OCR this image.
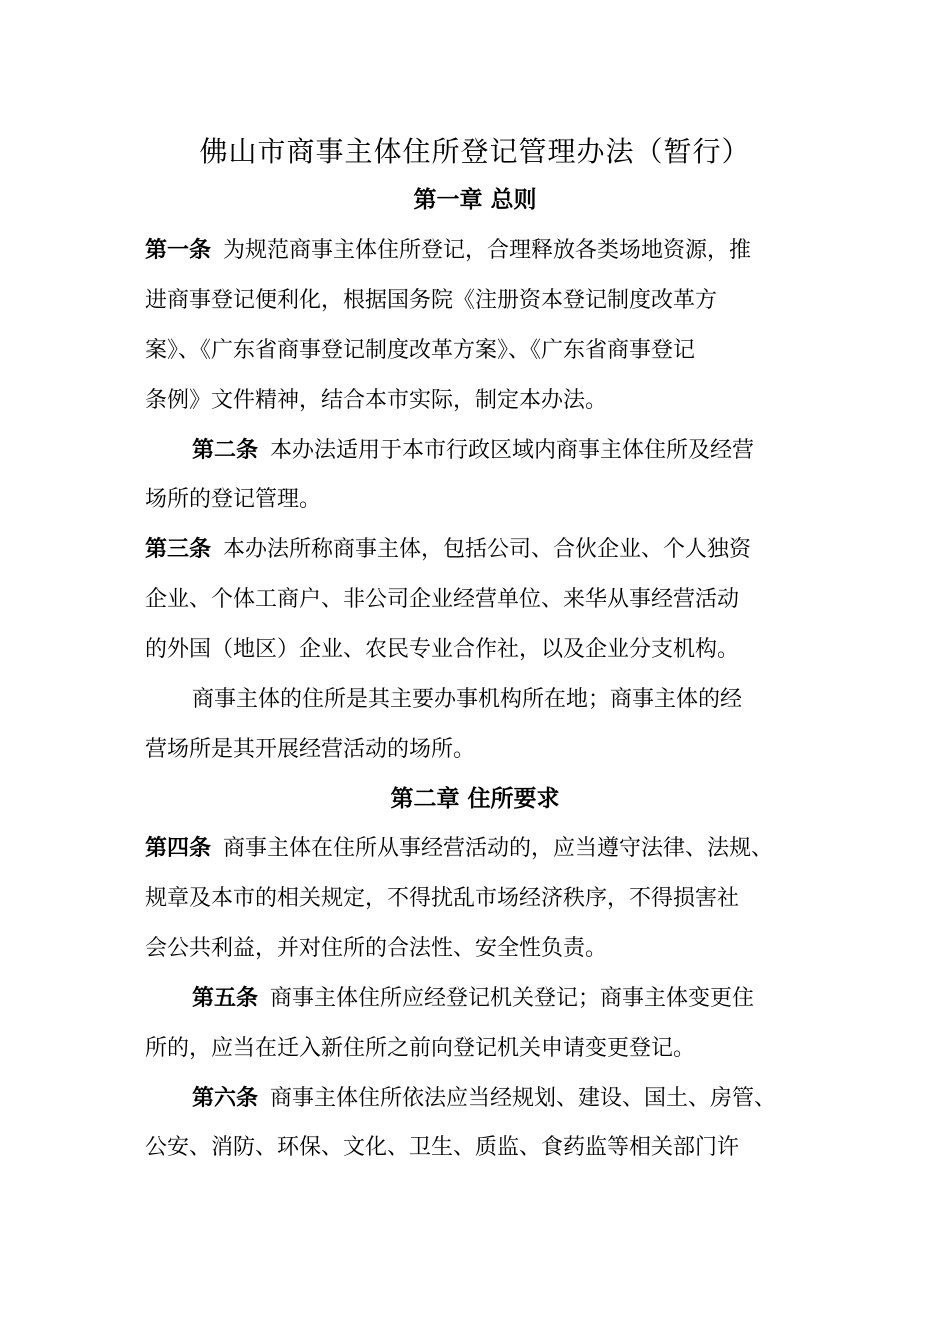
佛山市商事主体住所登记管理办法（暂行）
第一章 总则
第一条 为规范商事主体住所登记，合理释放各类场地资源，推
进商事登记便利化，根据国务院《注册资本登记制度改革方
案》、《广东省商事登记制度改革方案》、《广东省商事登记
条例》文件精神，结合本市实际，制定本办法。
第二条 本办法适用于本市行政区域内商事主体住所及经营
场所的登记管理。
第三条 本办法所称商事主体，包括公司、合伙企业、个人独资
企业、个体工商户、非公司企业经营单位、来华从事经营活动
的外国（地区）企业、农民专业合作社，以及企业分支机构。
商事主体的住所是其主要办事机构所在地；商事主体的经
营场所是其开展经营活动的场所。
第二章 住所要求
第四条 商事主体在住所从事经营活动的，应当遵守法律、法规、
规章及本市的相关规定，不得扰乱市场经济秩序，不得损害社
会公共利益，并对住所的合法性、安全性负责。
第五条 商事主体住所应经登记机关登记；商事主体变更住
所的，应当在迁入新住所之前向登记机关申请变更登记。
第六条 商事主体住所依法应当经规划、建设、国土、房管、
公安、消防、环保、文化、卫生、质监、食药监等相关部门许
